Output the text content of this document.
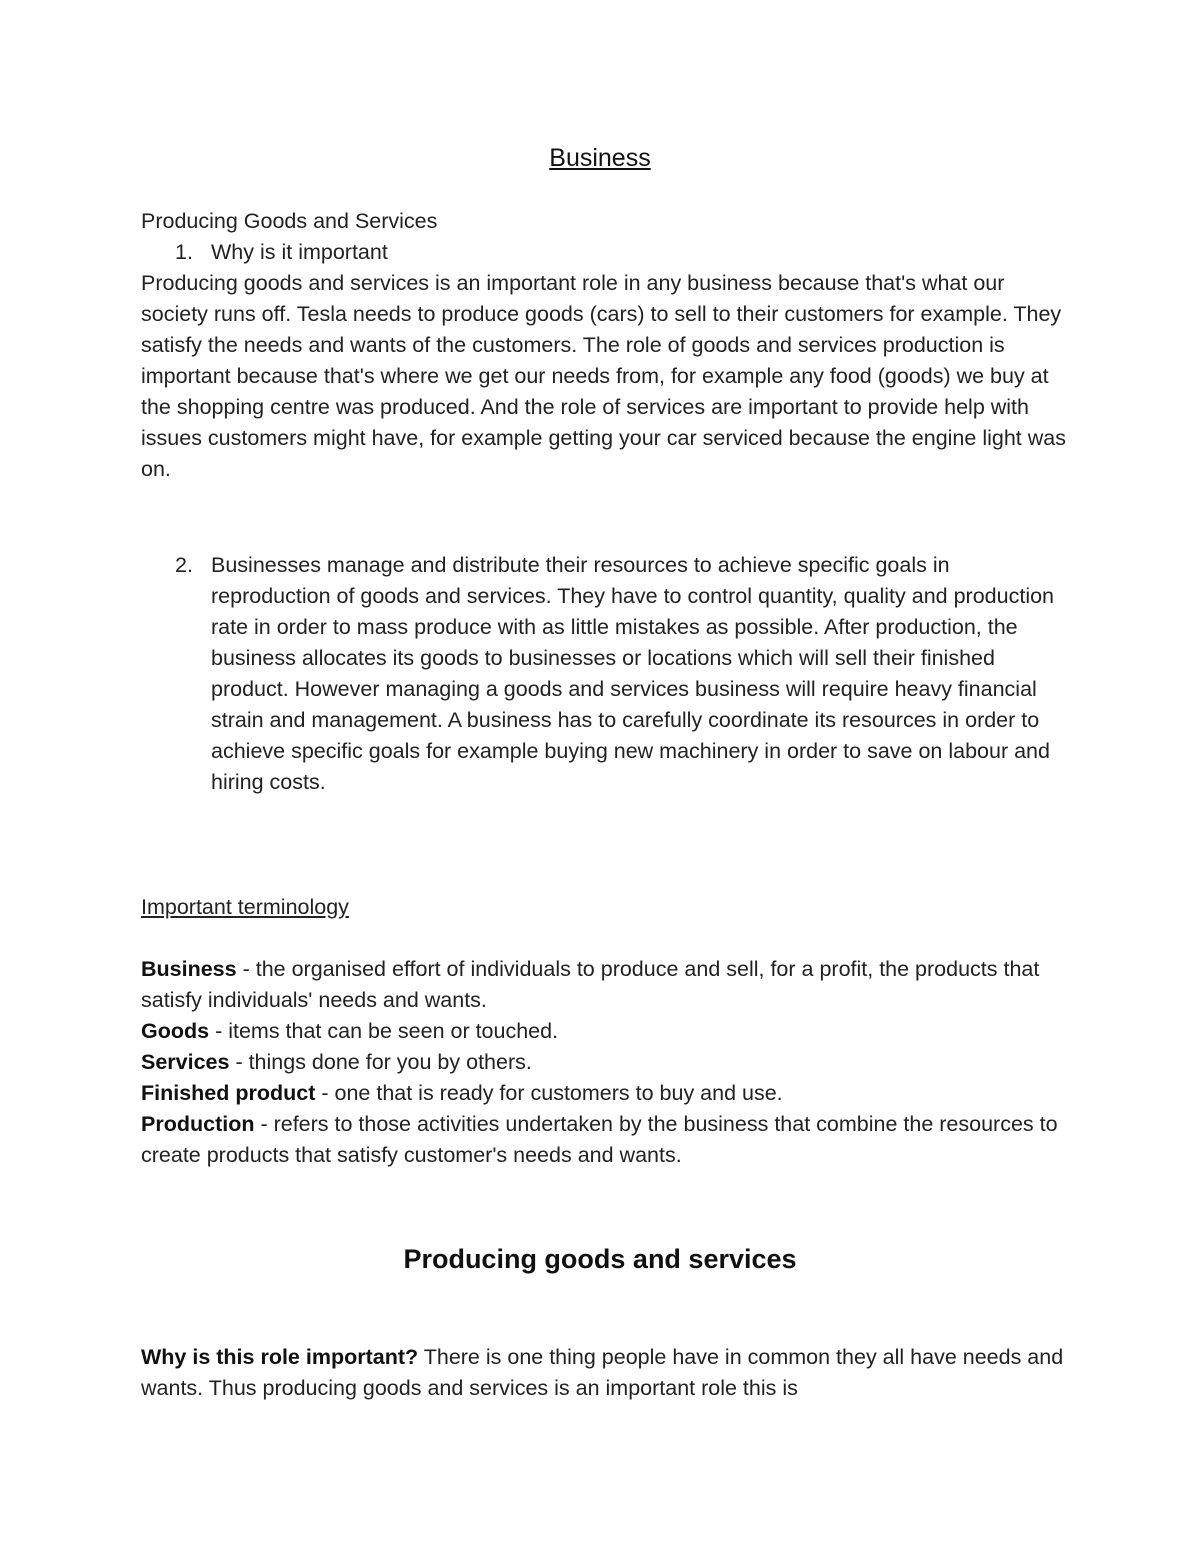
Business

Producing Goods and Services

1. Why is it important

Producing goods and services is an important role in any business because that's what our society runs off. Tesla needs to produce goods (cars) to sell to their customers for example. They satisfy the needs and wants of the customers. The role of goods and services production is important because that's where we get our needs from, for example any food (goods) we buy at the shopping centre was produced. And the role of services are important to provide help with issues customers might have, for example getting your car serviced because the engine light was on.

2. Businesses manage and distribute their resources to achieve specific goals in reproduction of goods and services. They have to control quantity, quality and production rate in order to mass produce with as little mistakes as possible. After production, the business allocates its goods to businesses or locations which will sell their finished product. However managing a goods and services business will require heavy financial strain and management. A business has to carefully coordinate its resources in order to achieve specific goals for example buying new machinery in order to save on labour and hiring costs.

Important terminology

Business - the organised effort of individuals to produce and sell, for a profit, the products that satisfy individuals' needs and wants.

Goods - items that can be seen or touched.

Services - things done for you by others.

Finished product - one that is ready for customers to buy and use.

Production - refers to those activities undertaken by the business that combine the resources to create products that satisfy customer's needs and wants.

Producing goods and services

Why is this role important? There is one thing people have in common they all have needs and wants. Thus producing goods and services is an important role this is
